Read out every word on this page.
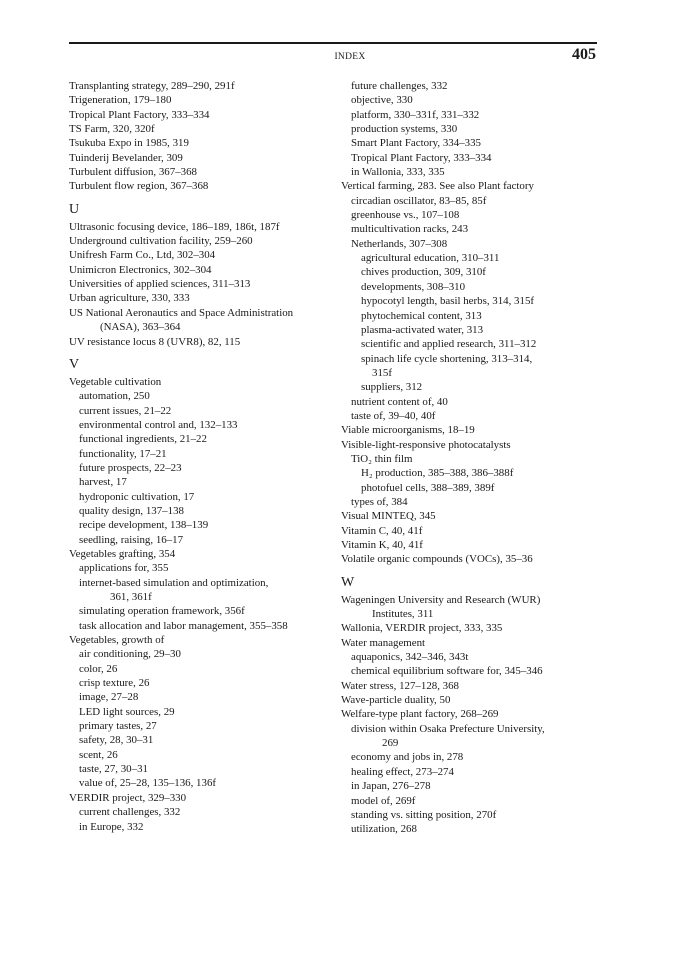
INDEX	405
Transplanting strategy, 289–290, 291f
Trigeneration, 179–180
Tropical Plant Factory, 333–334
TS Farm, 320, 320f
Tsukuba Expo in 1985, 319
Tuinderij Bevelander, 309
Turbulent diffusion, 367–368
Turbulent flow region, 367–368
U
Ultrasonic focusing device, 186–189, 186t, 187f
Underground cultivation facility, 259–260
Unifresh Farm Co., Ltd, 302–304
Unimicron Electronics, 302–304
Universities of applied sciences, 311–313
Urban agriculture, 330, 333
US National Aeronautics and Space Administration
(NASA), 363–364
UV resistance locus 8 (UVR8), 82, 115
V
Vegetable cultivation
automation, 250
current issues, 21–22
environmental control and, 132–133
functional ingredients, 21–22
functionality, 17–21
future prospects, 22–23
harvest, 17
hydroponic cultivation, 17
quality design, 137–138
recipe development, 138–139
seedling, raising, 16–17
Vegetables grafting, 354
applications for, 355
internet-based simulation and optimization,
361, 361f
simulating operation framework, 356f
task allocation and labor management, 355–358
Vegetables, growth of
air conditioning, 29–30
color, 26
crisp texture, 26
image, 27–28
LED light sources, 29
primary tastes, 27
safety, 28, 30–31
scent, 26
taste, 27, 30–31
value of, 25–28, 135–136, 136f
VERDIR project, 329–330
current challenges, 332
in Europe, 332
future challenges, 332
objective, 330
platform, 330–331f, 331–332
production systems, 330
Smart Plant Factory, 334–335
Tropical Plant Factory, 333–334
in Wallonia, 333, 335
Vertical farming, 283. See also Plant factory
circadian oscillator, 83–85, 85f
greenhouse vs., 107–108
multicultivation racks, 243
Netherlands, 307–308
agricultural education, 310–311
chives production, 309, 310f
developments, 308–310
hypocotyl length, basil herbs, 314, 315f
phytochemical content, 313
plasma-activated water, 313
scientific and applied research, 311–312
spinach life cycle shortening, 313–314,
315f
suppliers, 312
nutrient content of, 40
taste of, 39–40, 40f
Viable microorganisms, 18–19
Visible-light-responsive photocatalysts
TiO₂ thin film
H₂ production, 385–388, 386–388f
photofuel cells, 388–389, 389f
types of, 384
Visual MINTEQ, 345
Vitamin C, 40, 41f
Vitamin K, 40, 41f
Volatile organic compounds (VOCs), 35–36
W
Wageningen University and Research (WUR)
Institutes, 311
Wallonia, VERDIR project, 333, 335
Water management
aquaponics, 342–346, 343t
chemical equilibrium software for, 345–346
Water stress, 127–128, 368
Wave-particle duality, 50
Welfare-type plant factory, 268–269
division within Osaka Prefecture University,
269
economy and jobs in, 278
healing effect, 273–274
in Japan, 276–278
model of, 269f
standing vs. sitting position, 270f
utilization, 268
